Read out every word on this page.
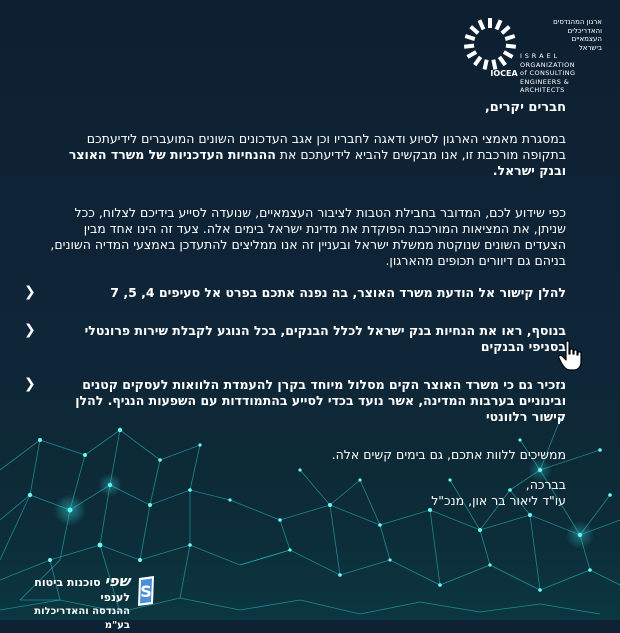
IOCEA
ארגון המהנדסים
והאדריכלים
העצמאיים
בישראל
I S R A E L
ORGANIZATION
of CONSULTING
ENGINEERS & ARCHITECTS
חברים יקרים,
במסגרת מאמצי הארגון לסיוע ודאגה לחבריו וכן אגב העדכונים השונים המועברים לידיעתכם בתקופה מורכבת זו, אנו מבקשים להביא לידיעתכם את ההנחיות העדכניות של משרד האוצר ובנק ישראל.
כפי שידוע לכם, המדובר בחבילת הטבות לציבור העצמאיים, שנועדה לסייע בידיכם לצלוח, ככל שניתן, את המציאות המורכבת הפוקדת את מדינת ישראל בימים אלה. צעד זה הינו אחד מבין הצעדים השונים שנוקטת ממשלת ישראל ובעניין זה אנו ממליצים להתעדכן באמצעי המדיה השונים, בניהם גם דיוורים תכופים מהארגון.
להלן קישור אל הודעת משרד האוצר, בה נפנה אתכם בפרט אל סעיפים 4, 5, 7
❮
בנוסף, ראו את הנחיות בנק ישראל לכלל הבנקים, בכל הנוגע לקבלת שירות פרונטלי בסניפי הבנקים
❮
נזכיר גם כי משרד האוצר הקים מסלול מיוחד בקרן להעמדת הלוואות לעסקים קטנים ובינוניים בערבות המדינה, אשר נועד בכדי לסייע בהתמודדות עם השפעות הנגיף. להלן קישור רלוונטי
❮
ממשיכים ללוות אתכם, גם בימים קשים אלה.
בברכה,
עו"ד ליאור בר און, מנכ"ל
שפי סוכנות ביטוח לענפי
ההנדסה והאדריכלות בע"מ
S
